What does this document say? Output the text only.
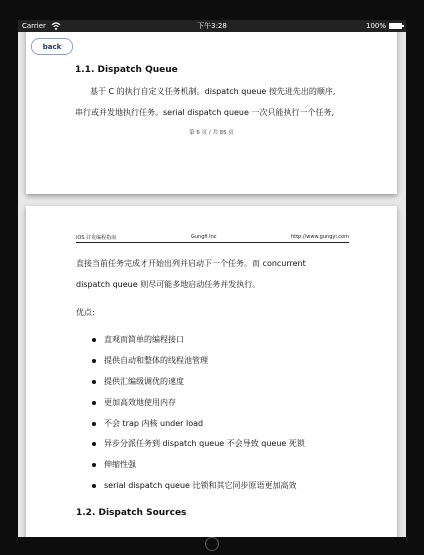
Carrier	下午3:28	100%
1.1. Dispatch Queue
基于 C 的执行自定义任务机制。dispatch queue 按先进先出的顺序,
串行或并发地执行任务。serial dispatch queue 一次只能执行一个任务,
第 6 页 / 共 85 页
iOS 并发编程指南	Gungfi Inc	http://www.gungyi.com
直接当前任务完成才开始出列并启动下一个任务。而 concurrent
dispatch queue 则尽可能多地启动任务并发执行。
优点:
直观而简单的编程接口
提供自动和整体的线程池管理
提供汇编级调优的速度
更加高效地使用内存
不会 trap 内核 under load
异步分派任务到 dispatch queue 不会导致 queue 死锁
伸缩性强
serial dispatch queue 比锁和其它同步原语更加高效
1.2. Dispatch Sources
back
